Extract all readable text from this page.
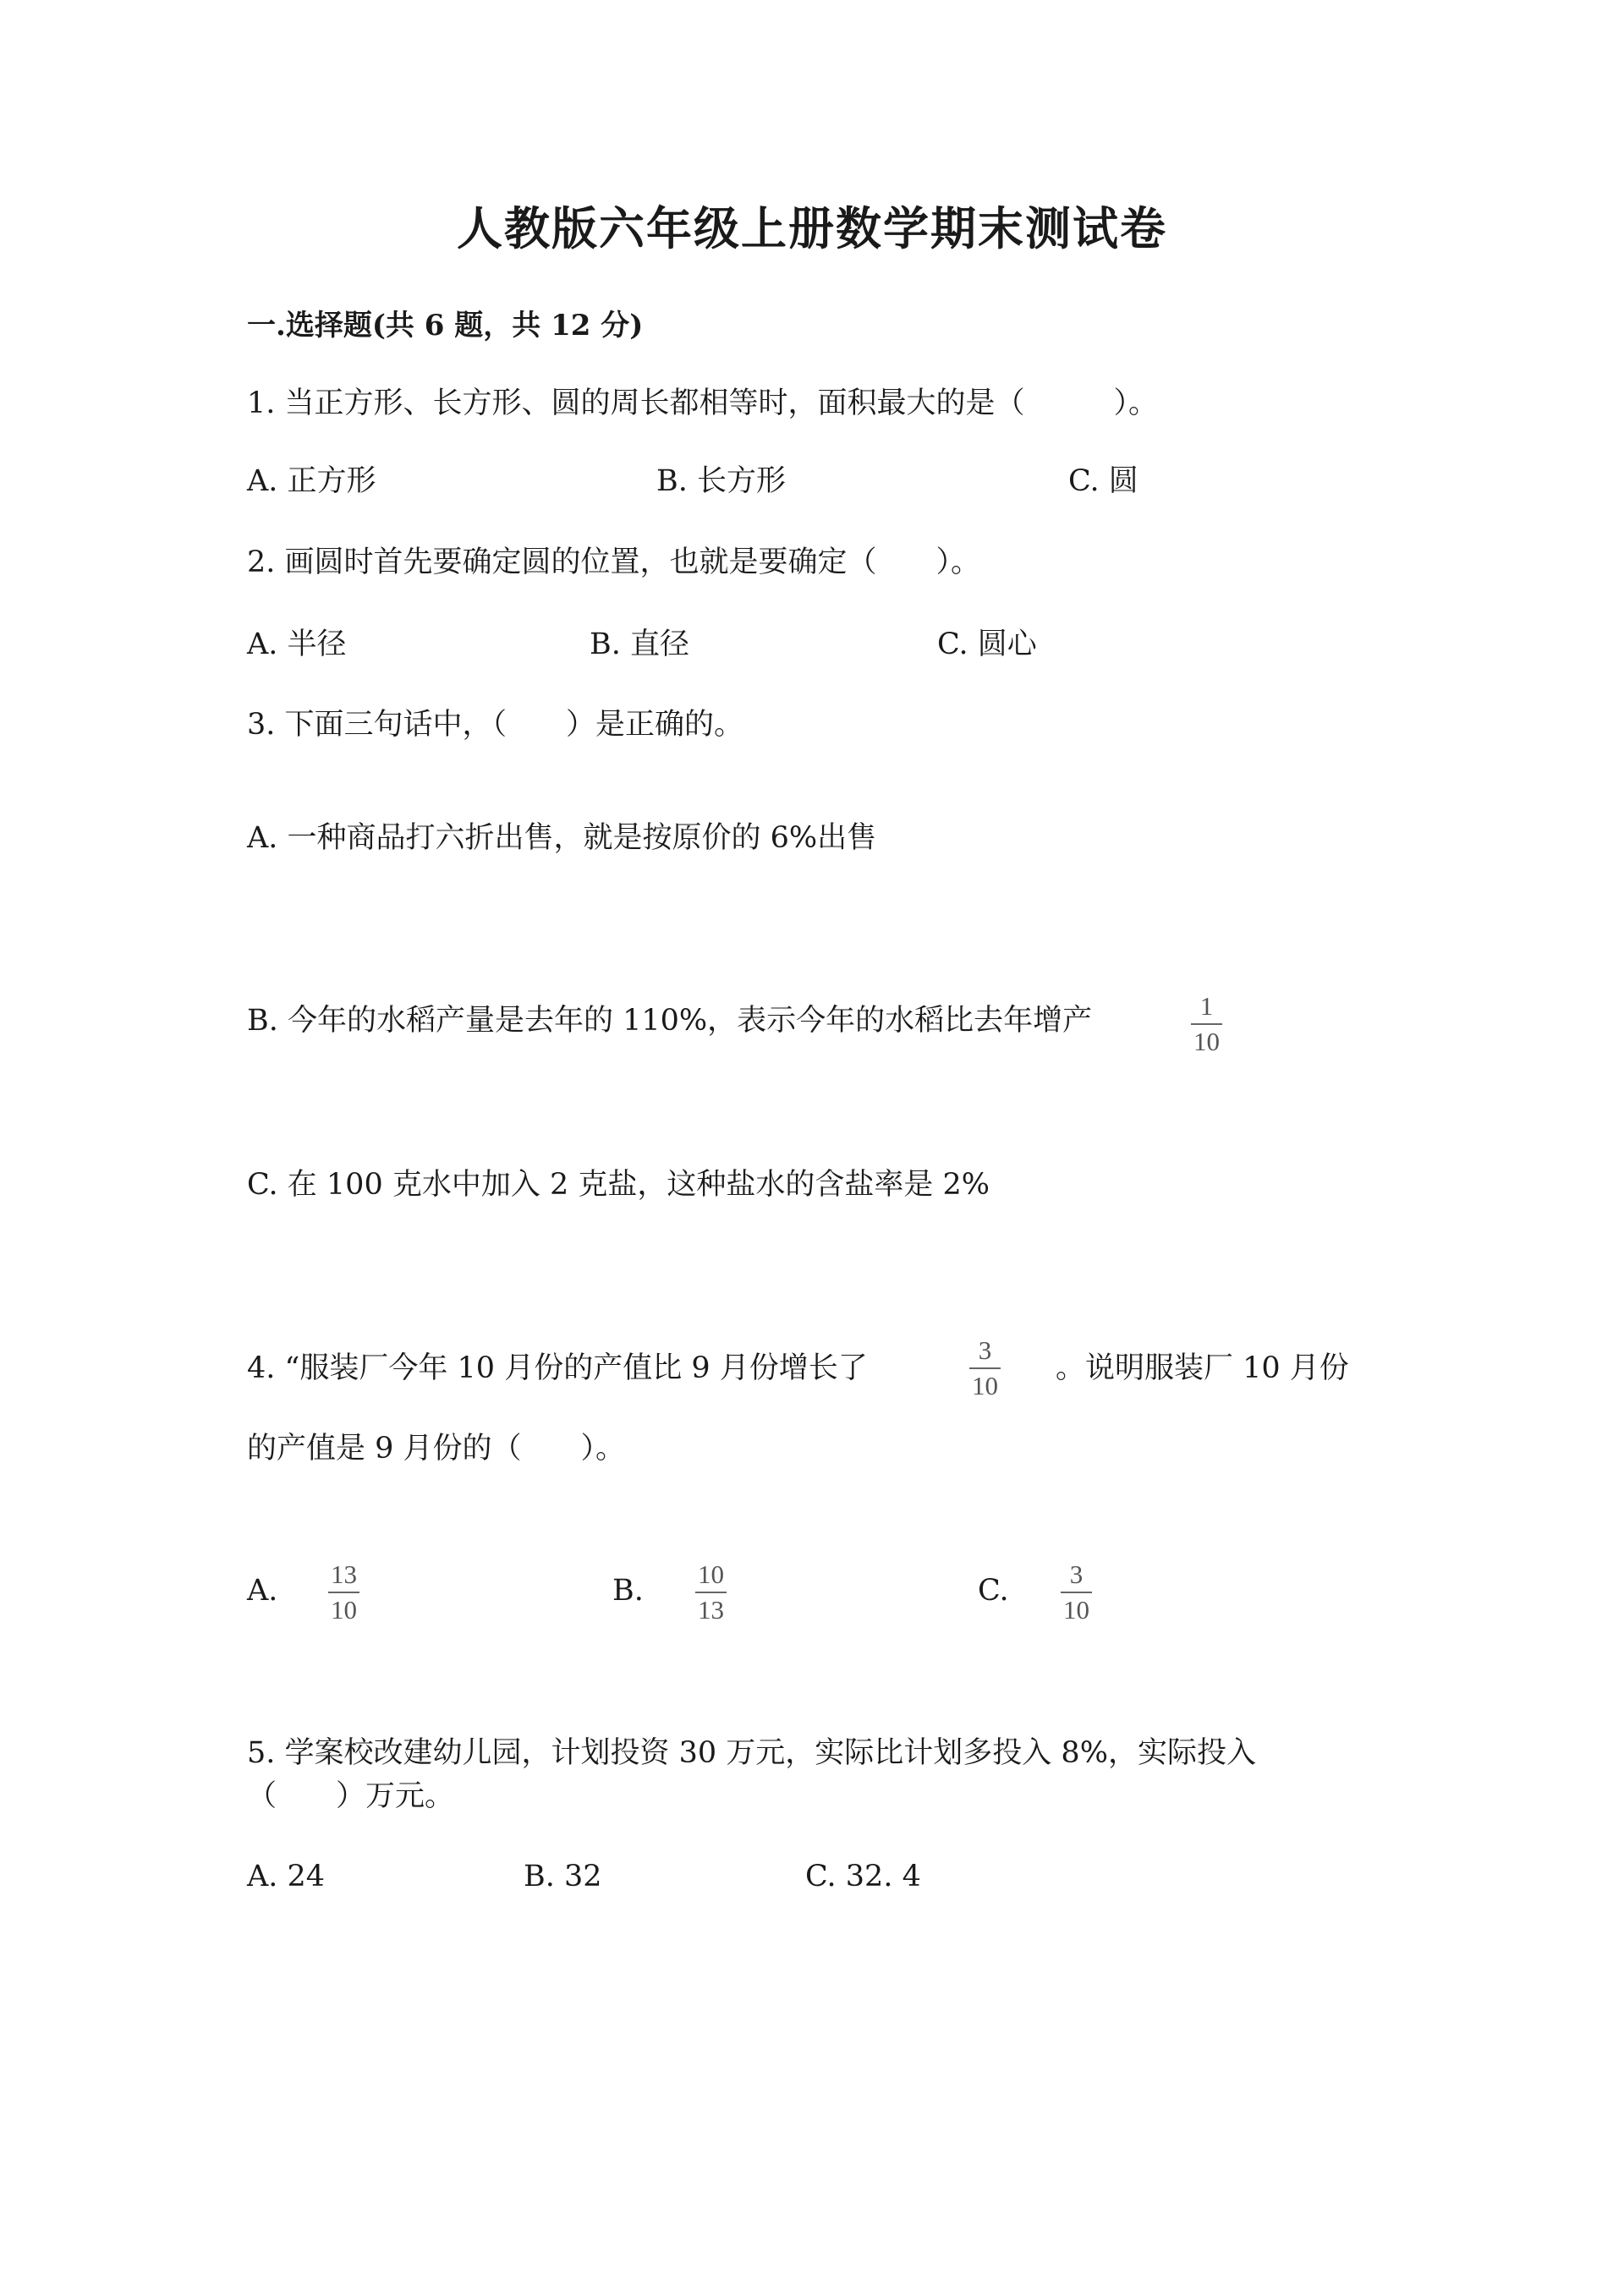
人教版六年级上册数学期末测试卷
一.选择题(共 6 题，共 12 分)
1. 当正方形、长方形、圆的周长都相等时，面积最大的是（　　　）。
A. 正方形	B. 长方形	C. 圆
2. 画圆时首先要确定圆的位置，也就是要确定（　　）。
A. 半径	B. 直径	C. 圆心
3. 下面三句话中，（　　）是正确的。
A. 一种商品打六折出售，就是按原价的 6%出售
B. 今年的水稻产量是去年的 110%，表示今年的水稻比去年增产	1
10
C. 在 100 克水中加入 2 克盐，这种盐水的含盐率是 2%
4. “服装厂今年 10 月份的产值比 9 月份增长了
3
10
。说明服装厂 10 月份
的产值是 9 月份的（　　）。
A. 13
10
B. 10
13
C. 3
10
5. 学案校改建幼儿园，计划投资 30 万元，实际比计划多投入 8%，实际投入
（　　）万元。
A. 24	B. 32	C. 32. 4
